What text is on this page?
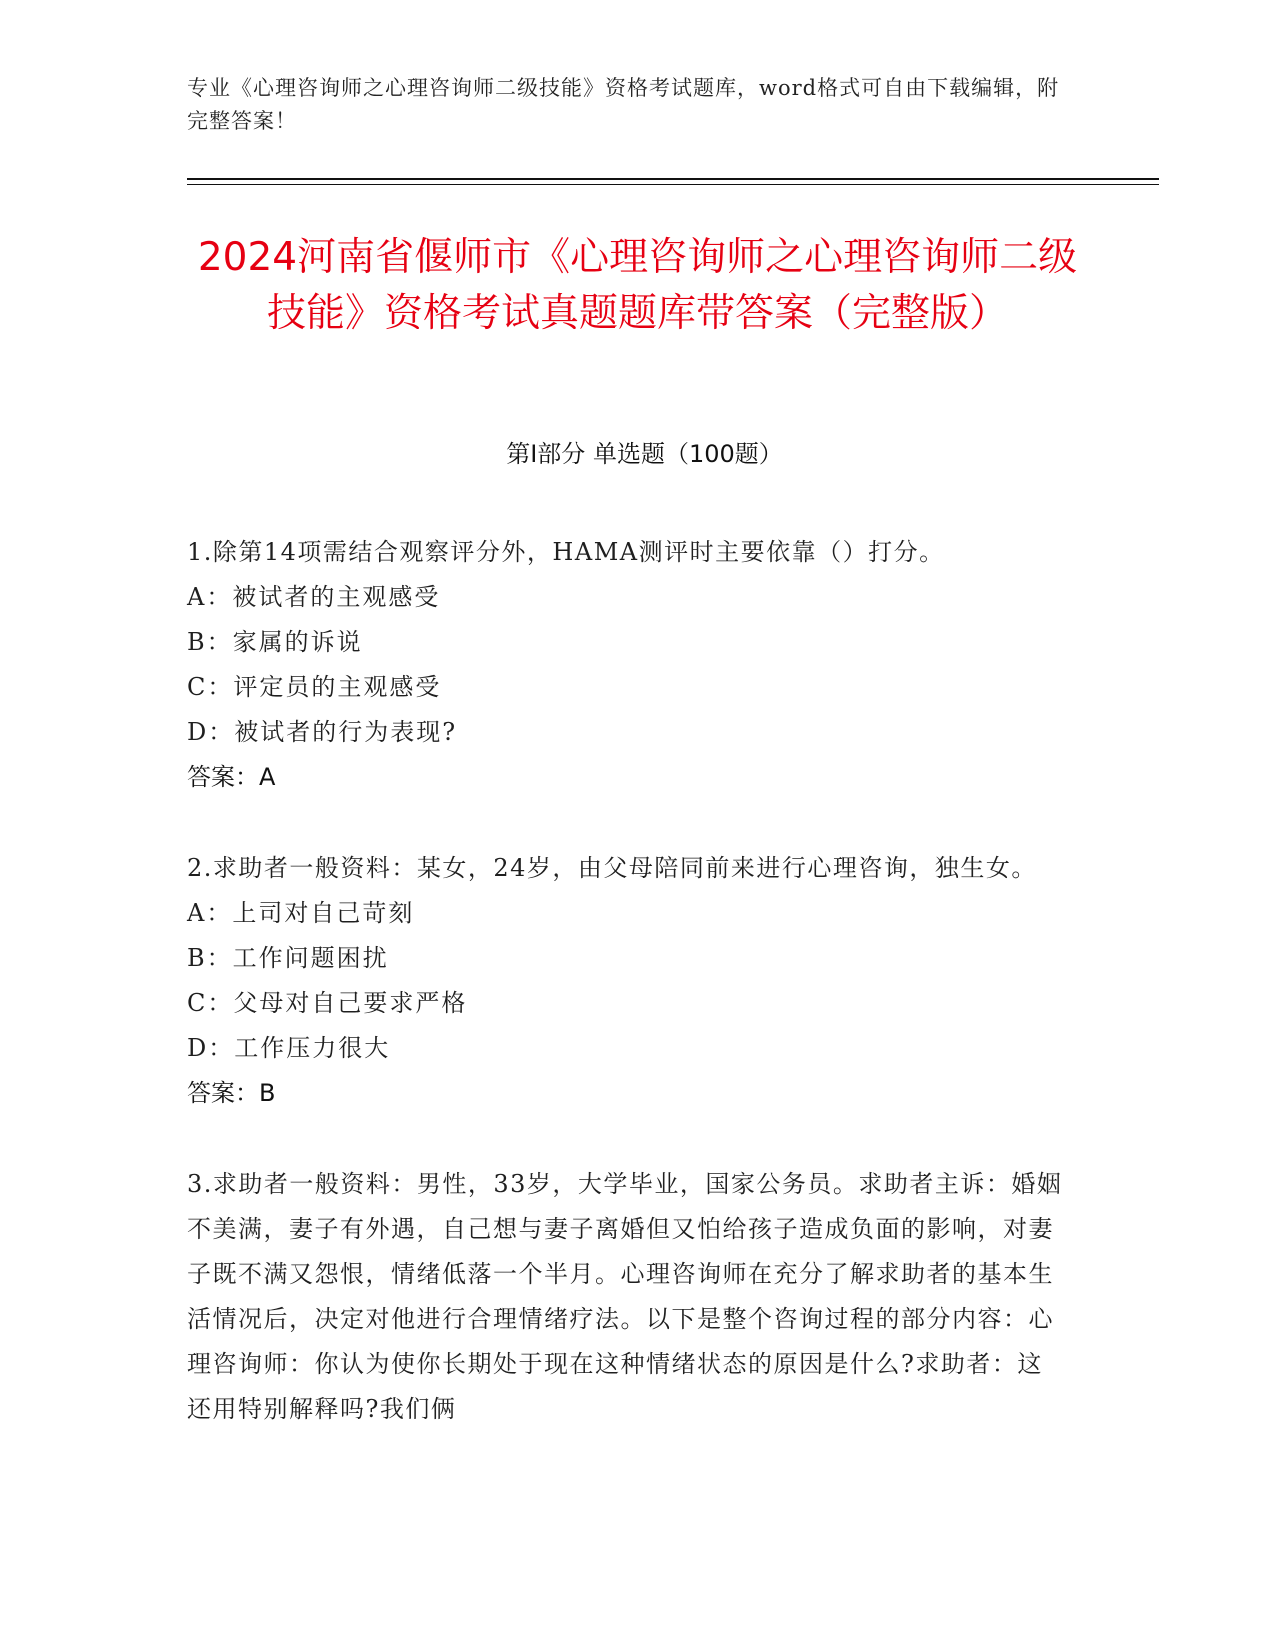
专业《心理咨询师之心理咨询师二级技能》资格考试题库，word格式可自由下载编辑，附完整答案！
2024河南省偃师市《心理咨询师之心理咨询师二级技能》资格考试真题题库带答案（完整版）
第I部分 单选题（100题）
1.除第14项需结合观察评分外，HAMA测评时主要依靠（）打分。
A：被试者的主观感受
B：家属的诉说
C：评定员的主观感受
D：被试者的行为表现?
答案：A
2.求助者一般资料：某女，24岁，由父母陪同前来进行心理咨询，独生女。
A：上司对自己苛刻
B：工作问题困扰
C：父母对自己要求严格
D：工作压力很大
答案：B
3.求助者一般资料：男性，33岁，大学毕业，国家公务员。求助者主诉：婚姻不美满，妻子有外遇，自己想与妻子离婚但又怕给孩子造成负面的影响，对妻子既不满又怨恨，情绪低落一个半月。心理咨询师在充分了解求助者的基本生活情况后，决定对他进行合理情绪疗法。以下是整个咨询过程的部分内容：心理咨询师：你认为使你长期处于现在这种情绪状态的原因是什么?求助者：这还用特别解释吗?我们俩
